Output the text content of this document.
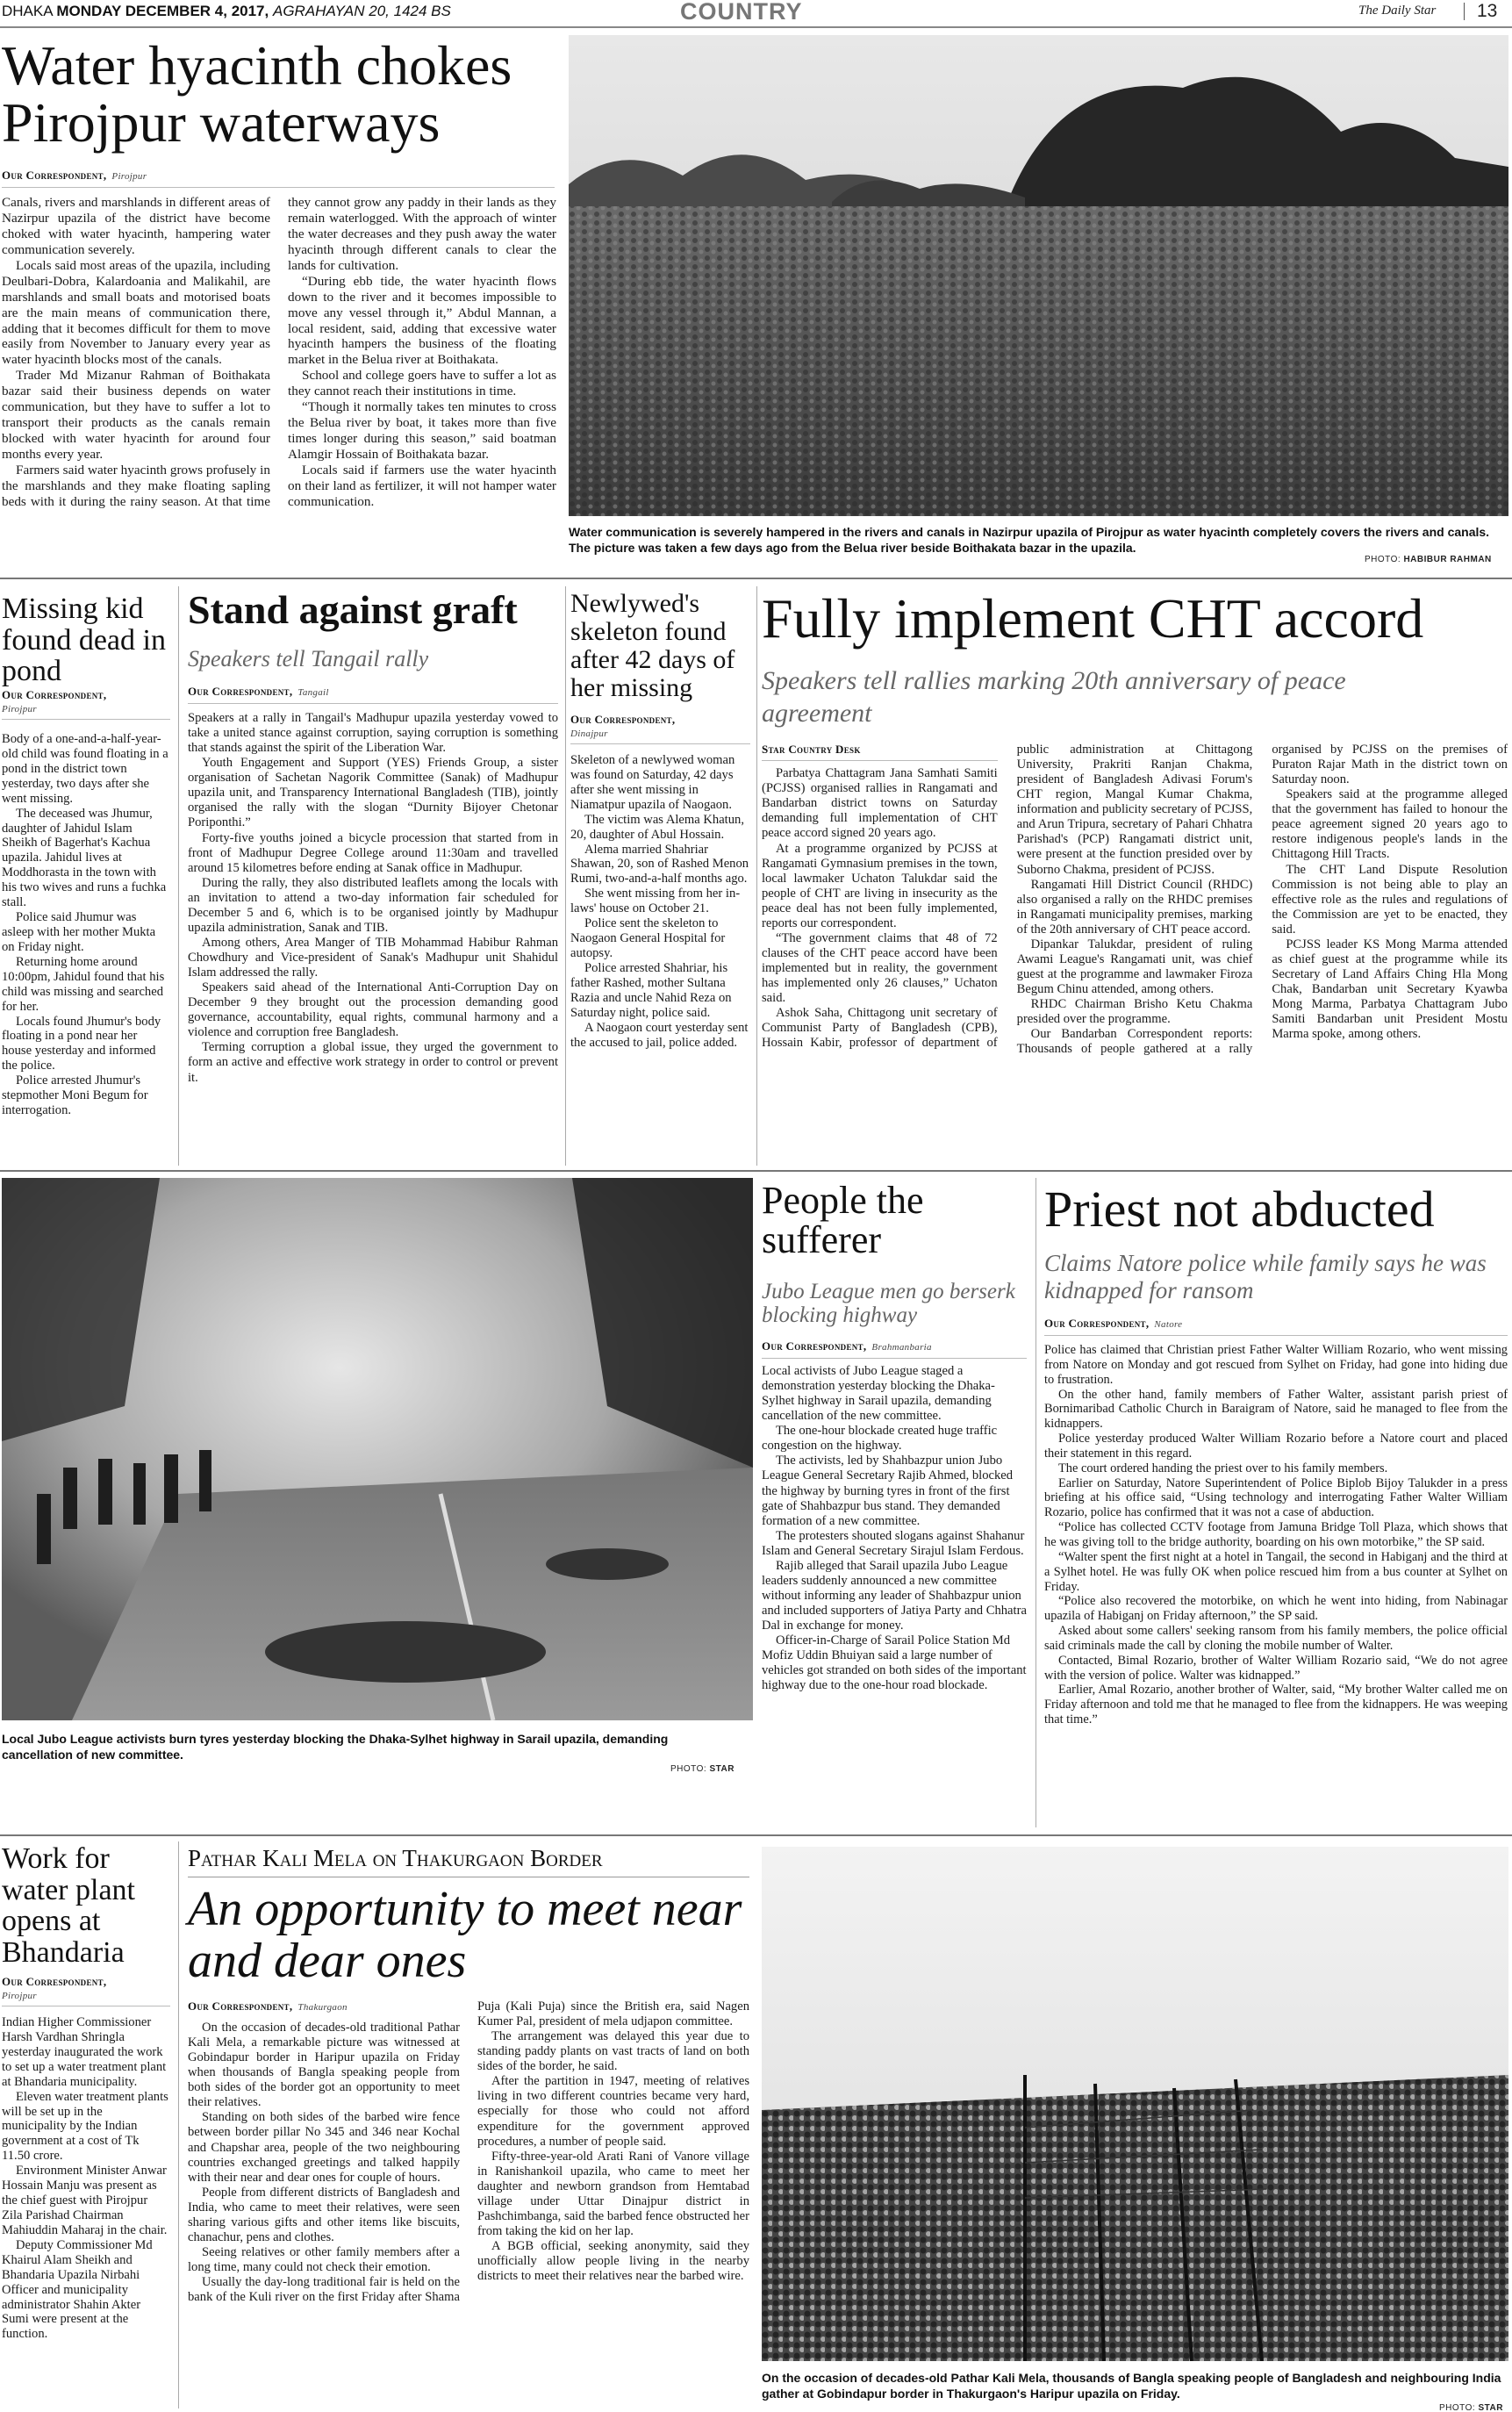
DHAKA MONDAY DECEMBER 4, 2017, AGRAHAYAN 20, 1424 BS	COUNTRY	The Daily Star 13
Water hyacinth chokes Pirojpur waterways
Our Correspondent, Pirojpur

Canals, rivers and marshlands in different areas of Nazirpur upazila of the district have become choked with water hyacinth, hampering water communication severely.

Locals said most areas of the upazila, including Deulbari-Dobra, Kalardoania and Malikahil, are marshlands and small boats and motorised boats are the main means of communication there, adding that it becomes difficult for them to move easily from November to January every year as water hyacinth blocks most of the canals.

Trader Md Mizanur Rahman of Boithakata bazar said their business depends on water communication, but they have to suffer a lot to transport their products as the canals remain blocked with water hyacinth for around four months every year.

Farmers said water hyacinth grows profusely in the marshlands and they make floating sapling beds with it during the rainy season. At that time they cannot grow any paddy in their lands as they remain waterlogged. With the approach of winter the water decreases and they push away the water hyacinth through different canals to clear the lands for cultivation.

“During ebb tide, the water hyacinth flows down to the river and it becomes impossible to move any vessel through it,” Abdul Mannan, a local resident, said, adding that excessive water hyacinth hampers the business of the floating market in the Belua river at Boithakata.

School and college goers have to suffer a lot as they cannot reach their institutions in time.

“Though it normally takes ten minutes to cross the Belua river by boat, it takes more than five times longer during this season,” said boatman Alamgir Hossain of Boithakata bazar.

Locals said if farmers use the water hyacinth on their land as fertilizer, it will not hamper water communication.

Water communication is severely hampered in the rivers and canals in Nazirpur upazila of Pirojpur as water hyacinth completely covers the rivers and canals. The picture was taken a few days ago from the Belua river beside Boithakata bazar in the upazila.
PHOTO: HABIBUR RAHMAN
Missing kid found dead in pond
Our Correspondent,
Pirojpur

Body of a one-and-a-half-year-old child was found floating in a pond in the district town yesterday, two days after she went missing.

The deceased was Jhumur, daughter of Jahidul Islam Sheikh of Bagerhat's Kachua upazila. Jahidul lives at Moddhorasta in the town with his two wives and runs a fuchka stall.

Police said Jhumur was asleep with her mother Mukta on Friday night.

Returning home around 10:00pm, Jahidul found that his child was missing and searched for her.

Locals found Jhumur's body floating in a pond near her house yesterday and informed the police.

Police arrested Jhumur's stepmother Moni Begum for interrogation.

Stand against graft
Speakers tell Tangail rally
Our Correspondent, Tangail

Speakers at a rally in Tangail's Madhupur upazila yesterday vowed to take a united stance against corruption, saying corruption is something that stands against the spirit of the Liberation War.

Youth Engagement and Support (YES) Friends Group, a sister organisation of Sachetan Nagorik Committee (Sanak) of Madhupur upazila unit, and Transparency International Bangladesh (TIB), jointly organised the rally with the slogan “Durnity Bijoyer Chetonar Poriponthi.”

Forty-five youths joined a bicycle procession that started from in front of Madhupur Degree College around 11:30am and travelled around 15 kilometres before ending at Sanak office in Madhupur.

During the rally, they also distributed leaflets among the locals with an invitation to attend a two-day information fair scheduled for December 5 and 6, which is to be organised jointly by Madhupur upazila administration, Sanak and TIB.

Among others, Area Manger of TIB Mohammad Habibur Rahman Chowdhury and Vice-president of Sanak's Madhupur unit Shahidul Islam addressed the rally.

Speakers said ahead of the International Anti-Corruption Day on December 9 they brought out the procession demanding good governance, accountability, equal rights, communal harmony and a violence and corruption free Bangladesh.

Terming corruption a global issue, they urged the government to form an active and effective work strategy in order to control or prevent it.

Newlywed's skeleton found after 42 days of her missing
Our Correspondent,
Dinajpur

Skeleton of a newlywed woman was found on Saturday, 42 days after she went missing in Niamatpur upazila of Naogaon.

The victim was Alema Khatun, 20, daughter of Abul Hossain.

Alema married Shahriar Shawan, 20, son of Rashed Menon Rumi, two-and-a-half months ago.

She went missing from her in-laws' house on October 21.

Police sent the skeleton to Naogaon General Hospital for autopsy.

Police arrested Shahriar, his father Rashed, mother Sultana Razia and uncle Nahid Reza on Saturday night, police said.

A Naogaon court yesterday sent the accused to jail, police added.

Fully implement CHT accord
Speakers tell rallies marking 20th anniversary of peace agreement
Star Country Desk

Parbatya Chattagram Jana Samhati Samiti (PCJSS) organised rallies in Rangamati and Bandarban district towns on Saturday demanding full implementation of CHT peace accord signed 20 years ago.

At a programme organized by PCJSS at Rangamati Gymnasium premises in the town, local lawmaker Uchaton Talukdar said the people of CHT are living in insecurity as the peace deal has not been fully implemented, reports our correspondent.

“The government claims that 48 of 72 clauses of the CHT peace accord have been implemented but in reality, the government has implemented only 26 clauses,” Uchaton said.

Ashok Saha, Chittagong unit secretary of Communist Party of Bangladesh (CPB), Hossain Kabir, professor of department of public administration at Chittagong University, Prakriti Ranjan Chakma, president of Bangladesh Adivasi Forum's CHT region, Mangal Kumar Chakma, information and publicity secretary of PCJSS, and Arun Tripura, secretary of Pahari Chhatra Parishad's (PCP) Rangamati district unit, were present at the function presided over by Suborno Chakma, president of PCJSS.

Rangamati Hill District Council (RHDC) also organised a rally on the RHDC premises in Rangamati municipality premises, marking of the 20th anniversary of CHT peace accord.

Dipankar Talukdar, president of ruling Awami League's Rangamati unit, was chief guest at the programme and lawmaker Firoza Begum Chinu attended, among others.

RHDC Chairman Brisho Ketu Chakma presided over the programme.

Our Bandarban Correspondent reports: Thousands of people gathered at a rally organised by PCJSS on the premises of Puraton Rajar Math in the district town on Saturday noon.

Speakers said at the programme alleged that the government has failed to honour the peace agreement signed 20 years ago to restore indigenous people's lands in the Chittagong Hill Tracts.

The CHT Land Dispute Resolution Commission is not being able to play an effective role as the rules and regulations of the Commission are yet to be enacted, they said.

PCJSS leader KS Mong Marma attended as chief guest at the programme while its Secretary of Land Affairs Ching Hla Mong Chak, Bandarban unit Secretary Kyawba Mong Marma, Parbatya Chattagram Jubo Samiti Bandarban unit President Mostu Marma spoke, among others.

Local Jubo League activists burn tyres yesterday blocking the Dhaka-Sylhet highway in Sarail upazila, demanding cancellation of new committee.
PHOTO: STAR
People the sufferer
Jubo League men go berserk blocking highway
Our Correspondent, Brahmanbaria

Local activists of Jubo League staged a demonstration yesterday blocking the Dhaka-Sylhet highway in Sarail upazila, demanding cancellation of the new committee.

The one-hour blockade created huge traffic congestion on the highway.

The activists, led by Shahbazpur union Jubo League General Secretary Rajib Ahmed, blocked the highway by burning tyres in front of the first gate of Shahbazpur bus stand. They demanded formation of a new committee.

The protesters shouted slogans against Shahanur Islam and General Secretary Sirajul Islam Ferdous.

Rajib alleged that Sarail upazila Jubo League leaders suddenly announced a new committee without informing any leader of Shahbazpur union and included supporters of Jatiya Party and Chhatra Dal in exchange for money.

Officer-in-Charge of Sarail Police Station Md Mofiz Uddin Bhuiyan said a large number of vehicles got stranded on both sides of the important highway due to the one-hour road blockade.

Priest not abducted
Claims Natore police while family says he was kidnapped for ransom
Our Correspondent, Natore

Police has claimed that Christian priest Father Walter William Rozario, who went missing from Natore on Monday and got rescued from Sylhet on Friday, had gone into hiding due to frustration.

On the other hand, family members of Father Walter, assistant parish priest of Bornimaribad Catholic Church in Baraigram of Natore, said he managed to flee from the kidnappers.

Police yesterday produced Walter William Rozario before a Natore court and placed their statement in this regard.

The court ordered handing the priest over to his family members.

Earlier on Saturday, Natore Superintendent of Police Biplob Bijoy Talukder in a press briefing at his office said, “Using technology and interrogating Father Walter William Rozario, police has confirmed that it was not a case of abduction.

“Police has collected CCTV footage from Jamuna Bridge Toll Plaza, which shows that he was giving toll to the bridge authority, boarding on his own motorbike,” the SP said.

“Walter spent the first night at a hotel in Tangail, the second in Habiganj and the third at a Sylhet hotel. He was fully OK when police rescued him from a bus counter at Sylhet on Friday.

“Police also recovered the motorbike, on which he went into hiding, from Nabinagar upazila of Habiganj on Friday afternoon,” the SP said.

Asked about some callers' seeking ransom from his family members, the police official said criminals made the call by cloning the mobile number of Walter.

Contacted, Bimal Rozario, brother of Walter William Rozario said, “We do not agree with the version of police. Walter was kidnapped.”

Earlier, Amal Rozario, another brother of Walter, said, “My brother Walter called me on Friday afternoon and told me that he managed to flee from the kidnappers. He was weeping that time.”

Work for water plant opens at Bhandaria
Our Correspondent,
Pirojpur

Indian Higher Commissioner Harsh Vardhan Shringla yesterday inaugurated the work to set up a water treatment plant at Bhandaria municipality.

Eleven water treatment plants will be set up in the municipality by the Indian government at a cost of Tk 11.50 crore.

Environment Minister Anwar Hossain Manju was present as the chief guest with Pirojpur Zila Parishad Chairman Mahiuddin Maharaj in the chair.

Deputy Commissioner Md Khairul Alam Sheikh and Bhandaria Upazila Nirbahi Officer and municipality administrator Shahin Akter Sumi were present at the function.

Pathar Kali Mela on Thakurgaon Border
An opportunity to meet near and dear ones
Our Correspondent, Thakurgaon

On the occasion of decades-old traditional Pathar Kali Mela, a remarkable picture was witnessed at Gobindapur border in Haripur upazila on Friday when thousands of Bangla speaking people from both sides of the border got an opportunity to meet their relatives.

Standing on both sides of the barbed wire fence between border pillar No 345 and 346 near Kochal and Chapshar area, people of the two neighbouring countries exchanged greetings and talked happily with their near and dear ones for couple of hours.

People from different districts of Bangladesh and India, who came to meet their relatives, were seen sharing various gifts and other items like biscuits, chanachur, pens and clothes.

Seeing relatives or other family members after a long time, many could not check their emotion.

Usually the day-long traditional fair is held on the bank of the Kuli river on the first Friday after Shama Puja (Kali Puja) since the British era, said Nagen Kumer Pal, president of mela udjapon committee.

The arrangement was delayed this year due to standing paddy plants on vast tracts of land on both sides of the border, he said.

After the partition in 1947, meeting of relatives living in two different countries became very hard, especially for those who could not afford expenditure for the government approved procedures, a number of people said.

Fifty-three-year-old Arati Rani of Vanore village in Ranishankoil upazila, who came to meet her daughter and newborn grandson from Hemtabad village under Uttar Dinajpur district in Pashchimbanga, said the barbed fence obstructed her from taking the kid on her lap.

A BGB official, seeking anonymity, said they unofficially allow people living in the nearby districts to meet their relatives near the barbed wire.

On the occasion of decades-old Pathar Kali Mela, thousands of Bangla speaking people of Bangladesh and neighbouring India gather at Gobindapur border in Thakurgaon's Haripur upazila on Friday.
PHOTO: STAR
